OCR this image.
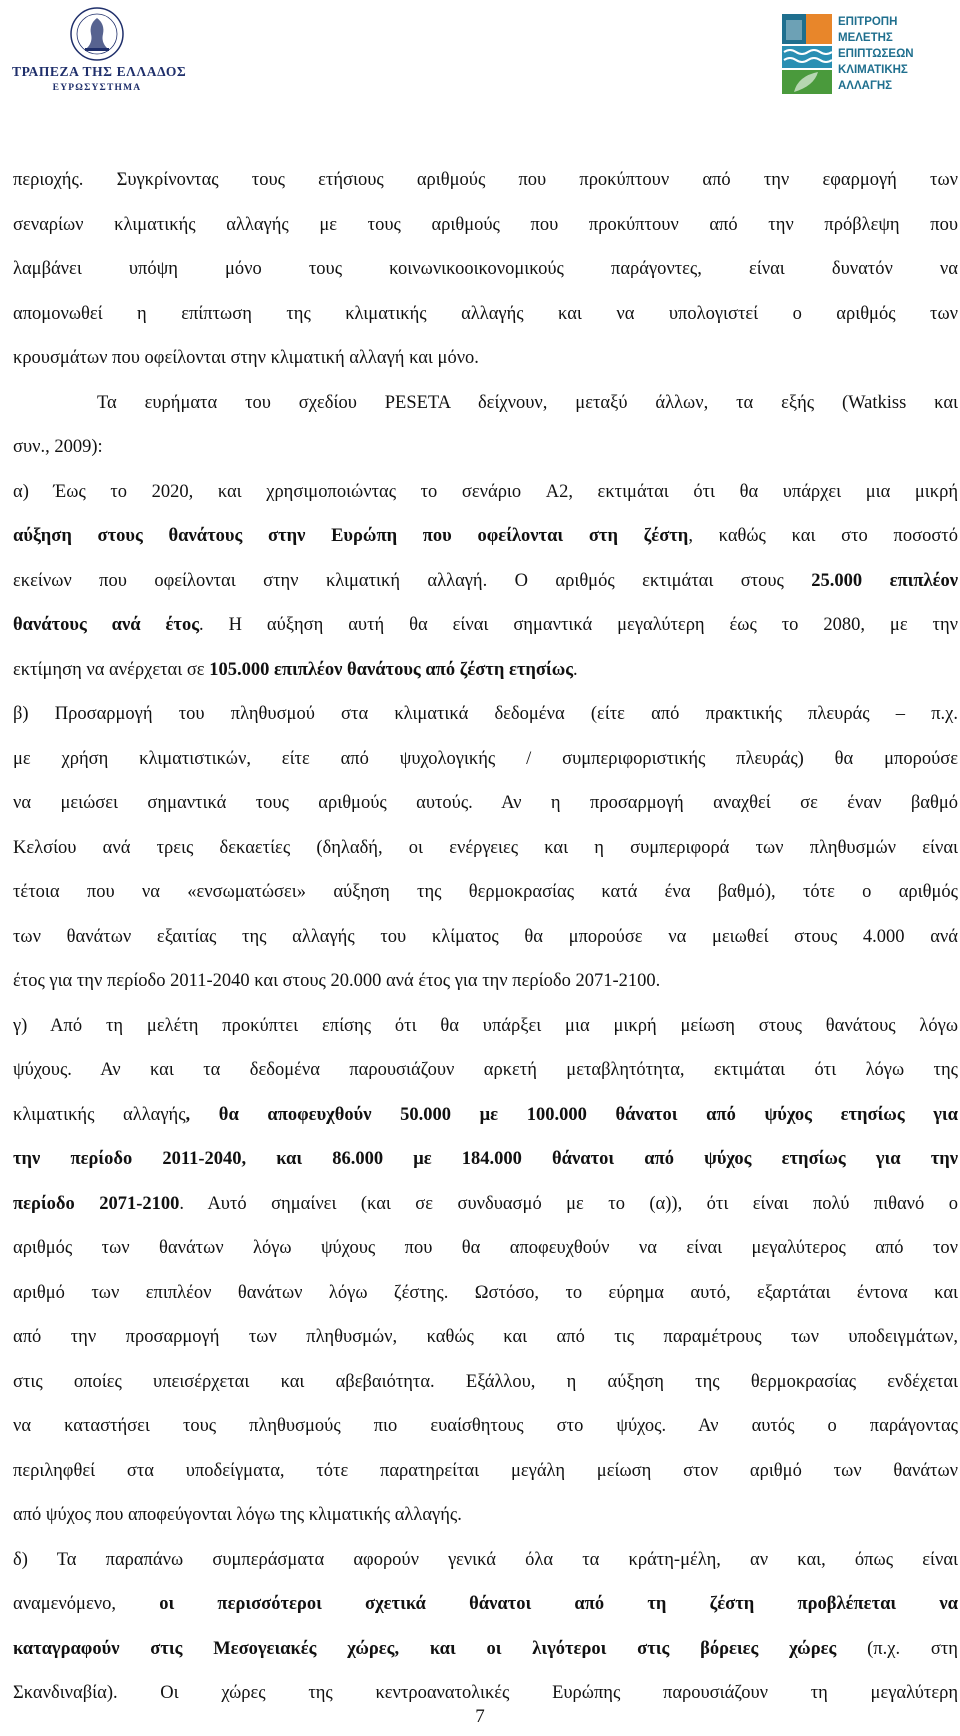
ΤΡΑΠΕΖΑ ΤΗΣ ΕΛΛΑΔΟΣ
ΕΥΡΩΣΥΣΤΗΜΑ
ΕΠΙΤΡΟΠΗ
ΜΕΛΕΤΗΣ
ΕΠΙΠΤΩΣΕΩΝ
ΚΛΙΜΑΤΙΚΗΣ
ΑΛΛΑΓΗΣ
περιοχής. Συγκρίνοντας τους ετήσιους αριθμούς που προκύπτουν από την εφαρμογή των
σεναρίων κλιματικής αλλαγής με τους αριθμούς που προκύπτουν από την πρόβλεψη που
λαμβάνει υπόψη μόνο τους κοινωνικοοικονομικούς παράγοντες, είναι δυνατόν να
απομονωθεί η επίπτωση της κλιματικής αλλαγής και να υπολογιστεί ο αριθμός των
κρουσμάτων που οφείλονται στην κλιματική αλλαγή και μόνο.
Τα ευρήματα του σχεδίου PESETA δείχνουν, μεταξύ άλλων, τα εξής (Watkiss και
συν., 2009):
α) Έως το 2020, και χρησιμοποιώντας το σενάριο A2, εκτιμάται ότι θα υπάρχει μια μικρή
αύξηση στους θανάτους στην Ευρώπη που οφείλονται στη ζέστη, καθώς και στο ποσοστό
εκείνων που οφείλονται στην κλιματική αλλαγή. Ο αριθμός εκτιμάται στους 25.000 επιπλέον
θανάτους ανά έτος. Η αύξηση αυτή θα είναι σημαντικά μεγαλύτερη έως το 2080, με την
εκτίμηση να ανέρχεται σε 105.000 επιπλέον θανάτους από ζέστη ετησίως.
β) Προσαρμογή του πληθυσμού στα κλιματικά δεδομένα (είτε από πρακτικής πλευράς – π.χ.
με χρήση κλιματιστικών, είτε από ψυχολογικής / συμπεριφοριστικής πλευράς) θα μπορούσε
να μειώσει σημαντικά τους αριθμούς αυτούς. Αν η προσαρμογή αναχθεί σε έναν βαθμό
Κελσίου ανά τρεις δεκαετίες (δηλαδή, οι ενέργειες και η συμπεριφορά των πληθυσμών είναι
τέτοια που να «ενσωματώσει» αύξηση της θερμοκρασίας κατά ένα βαθμό), τότε ο αριθμός
των θανάτων εξαιτίας της αλλαγής του κλίματος θα μπορούσε να μειωθεί στους 4.000 ανά
έτος για την περίοδο 2011-2040 και στους 20.000 ανά έτος για την περίοδο 2071-2100.
γ) Από τη μελέτη προκύπτει επίσης ότι θα υπάρξει μια μικρή μείωση στους θανάτους λόγω
ψύχους. Αν και τα δεδομένα παρουσιάζουν αρκετή μεταβλητότητα, εκτιμάται ότι λόγω της
κλιματικής αλλαγής, θα αποφευχθούν 50.000 με 100.000 θάνατοι από ψύχος ετησίως για
την περίοδο 2011-2040, και 86.000 με 184.000 θάνατοι από ψύχος ετησίως για την
περίοδο 2071-2100. Αυτό σημαίνει (και σε συνδυασμό με το (α)), ότι είναι πολύ πιθανό ο
αριθμός των θανάτων λόγω ψύχους που θα αποφευχθούν να είναι μεγαλύτερος από τον
αριθμό των επιπλέον θανάτων λόγω ζέστης. Ωστόσο, το εύρημα αυτό, εξαρτάται έντονα και
από την προσαρμογή των πληθυσμών, καθώς και από τις παραμέτρους των υποδειγμάτων,
στις οποίες υπεισέρχεται και αβεβαιότητα. Εξάλλου, η αύξηση της θερμοκρασίας ενδέχεται
να καταστήσει τους πληθυσμούς πιο ευαίσθητους στο ψύχος. Αν αυτός ο παράγοντας
περιληφθεί στα υποδείγματα, τότε παρατηρείται μεγάλη μείωση στον αριθμό των θανάτων
από ψύχος που αποφεύγονται λόγω της κλιματικής αλλαγής.
δ) Τα παραπάνω συμπεράσματα αφορούν γενικά όλα τα κράτη-μέλη, αν και, όπως είναι
αναμενόμενο, οι περισσότεροι σχετικά θάνατοι από τη ζέστη προβλέπεται να
καταγραφούν στις Μεσογειακές χώρες, και οι λιγότεροι στις βόρειες χώρες (π.χ. στη
Σκανδιναβία). Οι χώρες της κεντροανατολικές Ευρώπης παρουσιάζουν τη μεγαλύτερη
7
